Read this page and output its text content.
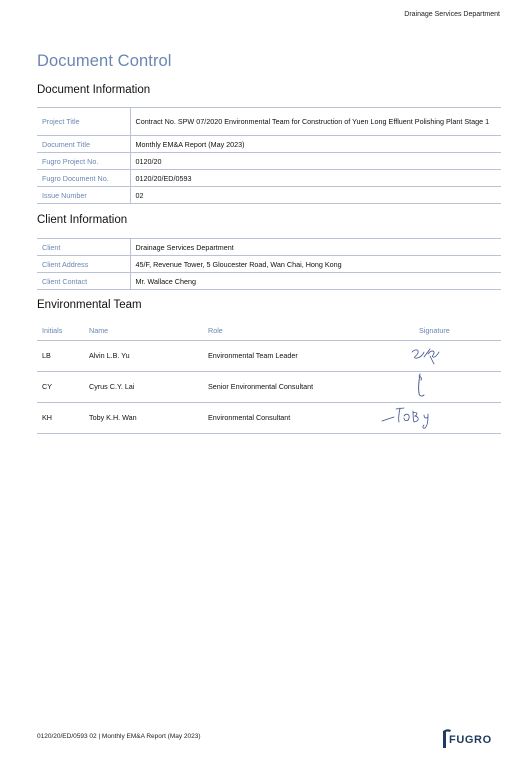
Drainage Services Department
Document Control
Document Information
Project Title	Contract No. SPW 07/2020 Environmental Team for Construction of Yuen Long Effluent Polishing Plant Stage 1
Document Title	Monthly EM&A Report (May 2023)
Fugro Project No.	0120/20
Fugro Document No.	0120/20/ED/0593
Issue Number	02
Client Information
Client	Drainage Services Department
Client Address	45/F, Revenue Tower, 5 Gloucester Road, Wan Chai, Hong Kong
Client Contact	Mr. Wallace Cheng
Environmental Team
Initials	Name	Role	Signature
LB	Alvin L.B. Yu	Environmental Team Leader	

CY	Cyrus C.Y. Lai	Senior Environmental Consultant	

KH	Toby K.H. Wan	Environmental Consultant	
0120/20/ED/0593 02 | Monthly EM&A Report (May 2023)	FUGRO
